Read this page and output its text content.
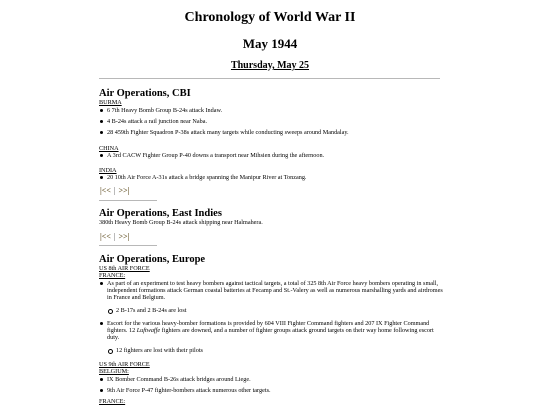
Chronology of World War II
May 1944
Thursday, May 25
Air Operations, CBI
BURMA
6 7th Heavy Bomb Group B-24s attack Indaw.
4 B-24s attack a rail junction near Naba.
28 459th Fighter Squadron P-38s attack many targets while conducting sweeps around Mandalay.
CHINA
A 3rd CACW Fighter Group P-40 downs a transport near Mihsien during the afternoon.
INDIA
20 10th Air Force A-31s attack a bridge spanning the Manipur River at Tonzang.
|<< | >>|
Air Operations, East Indies
380th Heavy Bomb Group B-24s attack shipping near Halmahera.
|<< | >>|
Air Operations, Europe
US 8th AIR FORCE
FRANCE:
As part of an experiment to test heavy bombers against tactical targets, a total of 325 8th Air Force heavy bombers operating in small, independent formations attack German coastal batteries at Fecamp and St.-Valery as well as numerous marshalling yards and airdromes in France and Belgium.
2 B-17s and 2 B-24s are lost
Escort for the various heavy-bomber formations is provided by 604 VIII Fighter Command fighters and 207 IX Fighter Command fighters. 12 Luftwaffe fighters are downed, and a number of fighter groups attack ground targets on their way home following escort duty.
12 fighters are lost with their pilots
US 9th AIR FORCE
BELGIUM:
IX Bomber Command B-26s attack bridges around Liege.
9th Air Force P-47 fighter-bombers attack numerous other targets.
FRANCE:
